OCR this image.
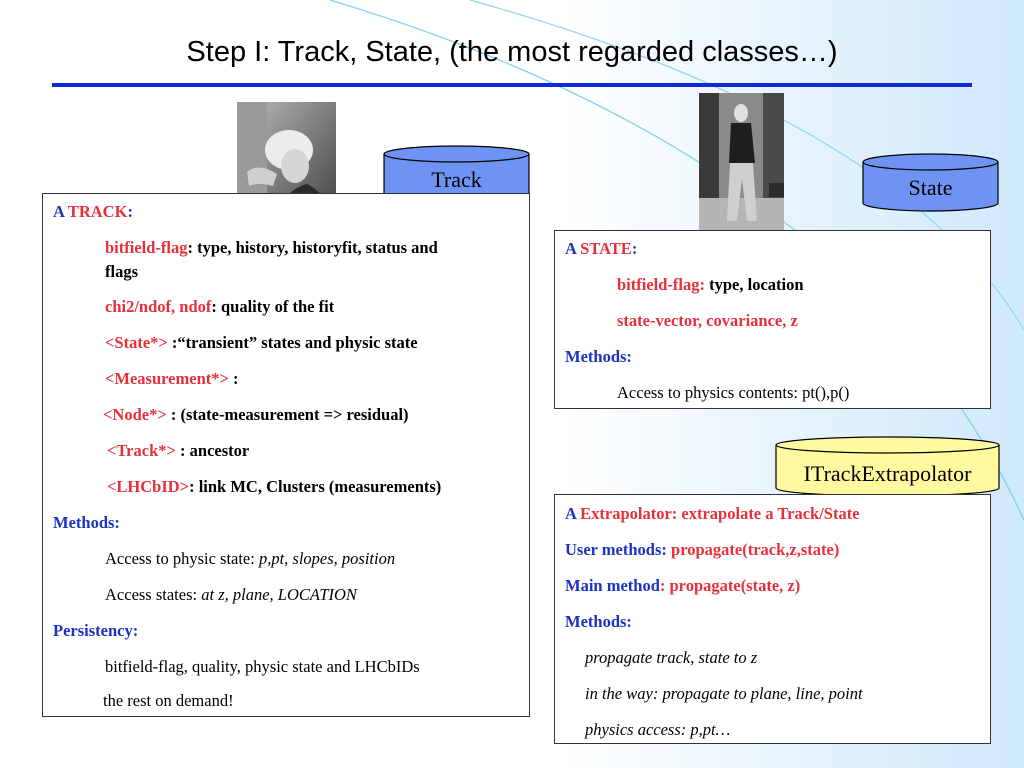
Step I: Track, State, (the most regarded classes…)
Track	State
ITrackExtrapolator
A TRACK:
bitfield-flag: type, history, historyfit, status and
flags
chi2/ndof, ndof: quality of the fit
<State*> :“transient” states and physic state
<Measurement*> :
<Node*> : (state-measurement => residual)
<Track*> : ancestor
<LHCbID>: link MC, Clusters (measurements)
Methods:
Access to physic state: p,pt, slopes, position
Access states: at z, plane, LOCATION
Persistency:
bitfield-flag, quality, physic state and LHCbIDs
the rest on demand!
A STATE:
bitfield-flag: type, location
state-vector, covariance, z
Methods:
Access to physics contents: pt(),p()
A Extrapolator: extrapolate a Track/State
User methods: propagate(track,z,state)
Main method: propagate(state, z)
Methods:
propagate track, state to z
in the way: propagate to plane, line, point
physics access: p,pt…
